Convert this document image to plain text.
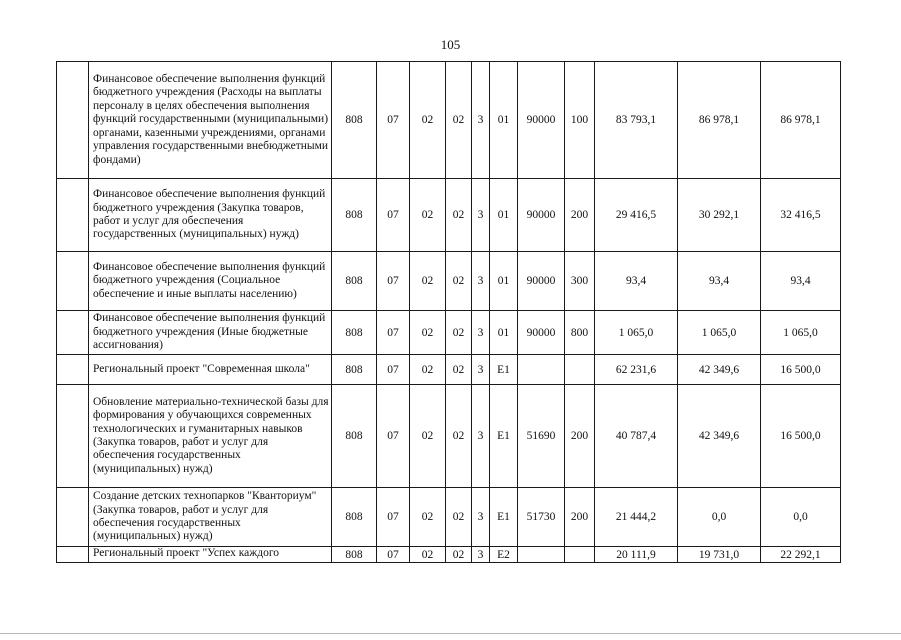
105
	Финансовое обеспечение выполнения функций бюджетного учреждения (Расходы на выплаты персоналу в целях обеспечения выполнения функций государственными (муниципальными) органами, казенными учреждениями, органами управления государственными внебюджетными фондами)	808	07	02	02	3	01	90000	100	83 793,1	86 978,1	86 978,1
	Финансовое обеспечение выполнения функций бюджетного учреждения (Закупка товаров, работ и услуг для обеспечения государственных (муниципальных) нужд)	808	07	02	02	3	01	90000	200	29 416,5	30 292,1	32 416,5
	Финансовое обеспечение выполнения функций бюджетного учреждения (Социальное обеспечение и иные выплаты населению)	808	07	02	02	3	01	90000	300	93,4	93,4	93,4
	Финансовое обеспечение выполнения функций бюджетного учреждения (Иные бюджетные ассигнования)	808	07	02	02	3	01	90000	800	1 065,0	1 065,0	1 065,0
	Региональный проект "Современная школа"	808	07	02	02	3	E1			62 231,6	42 349,6	16 500,0
	Обновление материально-технической базы для формирования у обучающихся современных технологических и гуманитарных навыков (Закупка товаров, работ и услуг для обеспечения государственных (муниципальных) нужд)	808	07	02	02	3	E1	51690	200	40 787,4	42 349,6	16 500,0
	Создание детских технопарков "Кванториум" (Закупка товаров, работ и услуг для обеспечения государственных (муниципальных) нужд)	808	07	02	02	3	E1	51730	200	21 444,2	0,0	0,0
	Региональный проект "Успех каждого	808	07	02	02	3	E2			20 111,9	19 731,0	22 292,1
